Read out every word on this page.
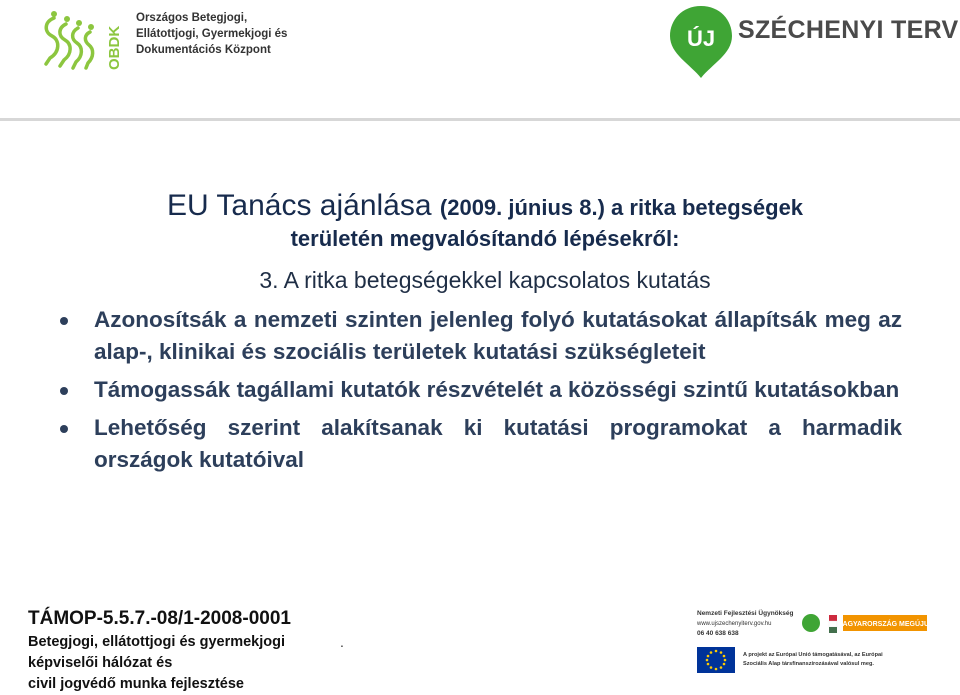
OBDK
Országos Betegjogi,
Ellátottjogi, Gyermekjogi és
Dokumentációs Központ	ÚJ SZÉCHENYI TERV
EU Tanács ajánlása (2009. június 8.) a ritka betegségek
területén megvalósítandó lépésekről:
3. A ritka betegségekkel kapcsolatos kutatás
Azonosítsák a nemzeti szinten jelenleg folyó kutatásokat állapítsák meg az alap-, klinikai és szociális területek kutatási szükségleteit
Támogassák tagállami kutatók részvételét a közösségi szintű kutatásokban
Lehetőség szerint alakítsanak ki kutatási programokat a harmadik országok kutatóival
TÁMOP-5.5.7.-08/1-2008-0001
Betegjogi, ellátottjogi és gyermekjogi
képviselői hálózat és
civil jogvédő munka fejlesztése
.
Nemzeti Fejlesztési Ügynökség
www.ujszechenyiterv.gov.hu
06 40 638 638
MAGYARORSZÁG MEGÚJUL
A projekt az Európai Unió támogatásával, az Európai
Szociális Alap társfinanszírozásával valósul meg.
